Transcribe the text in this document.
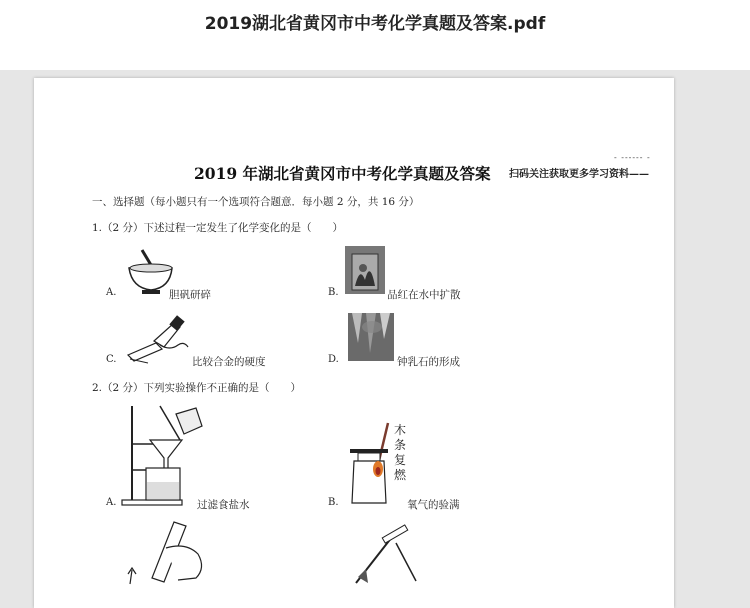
2019湖北省黄冈市中考化学真题及答案.pdf
- ------ -
2019 年湖北省黄冈市中考化学真题及答案 扫码关注获取更多学习资料——
一、选择题（每小题只有一个选项符合题意．每小题 2 分，共 16 分）
1.（2 分）下述过程一定发生了化学变化的是（　　）
A.	胆矾研碎	B.	品红在水中扩散
C.	比较合金的硬度	D.	钟乳石的形成
2.（2 分）下列实验操作不正确的是（　　）
A.	过滤食盐水
木
条
复
燃
B.	氧气的验满
